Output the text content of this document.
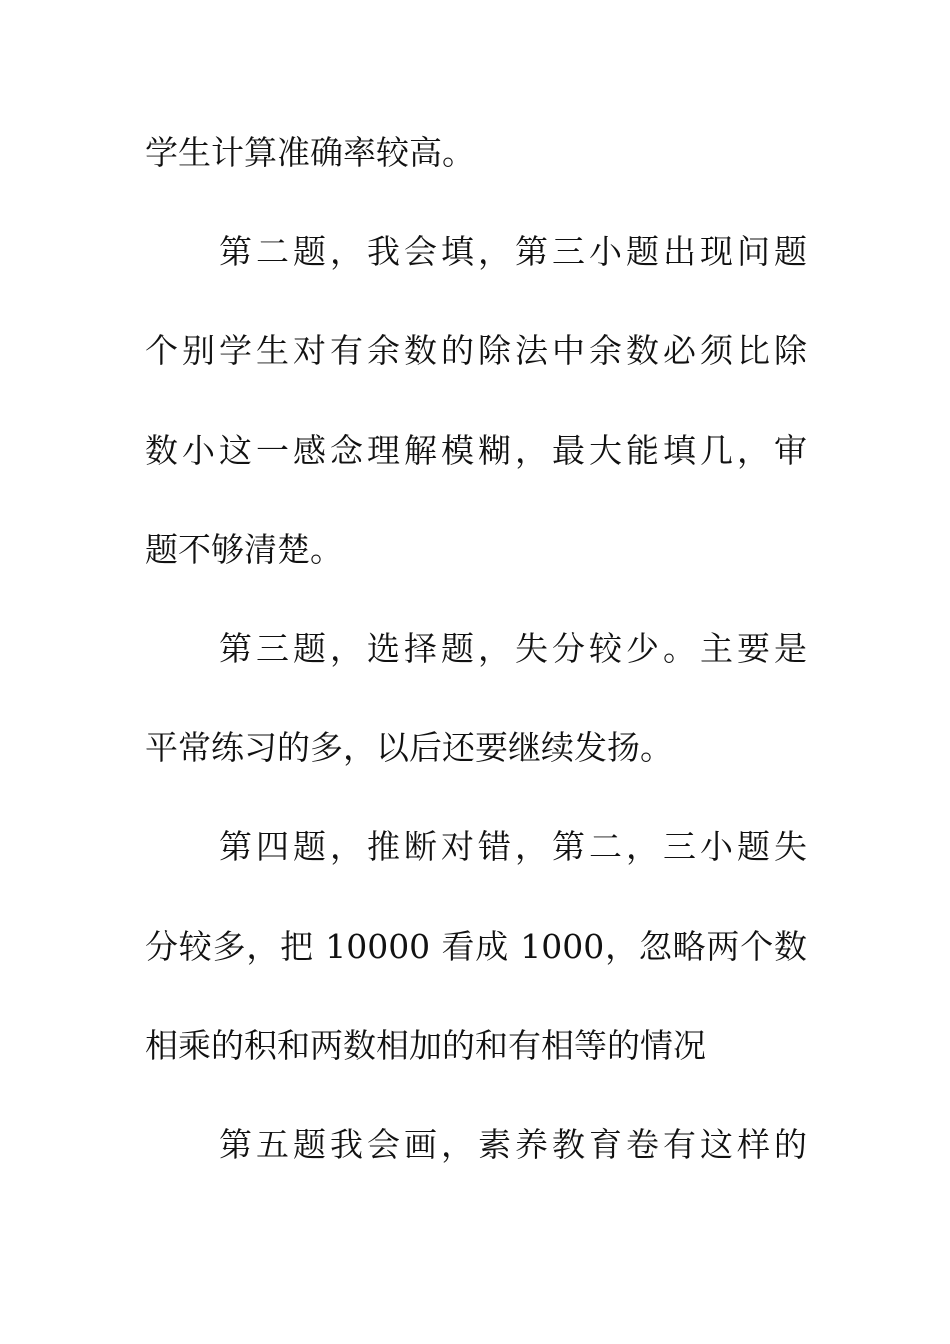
学生计算准确率较高。
第二题，我会填，第三小题出现问题
个别学生对有余数的除法中余数必须比除
数小这一感念理解模糊，最大能填几，审
题不够清楚。
第三题，选择题，失分较少。主要是
平常练习的多，以后还要继续发扬。
第四题，推断对错，第二，三小题失
分较多，把 10000 看成 1000，忽略两个数
相乘的积和两数相加的和有相等的情况
第五题我会画，素养教育卷有这样的
